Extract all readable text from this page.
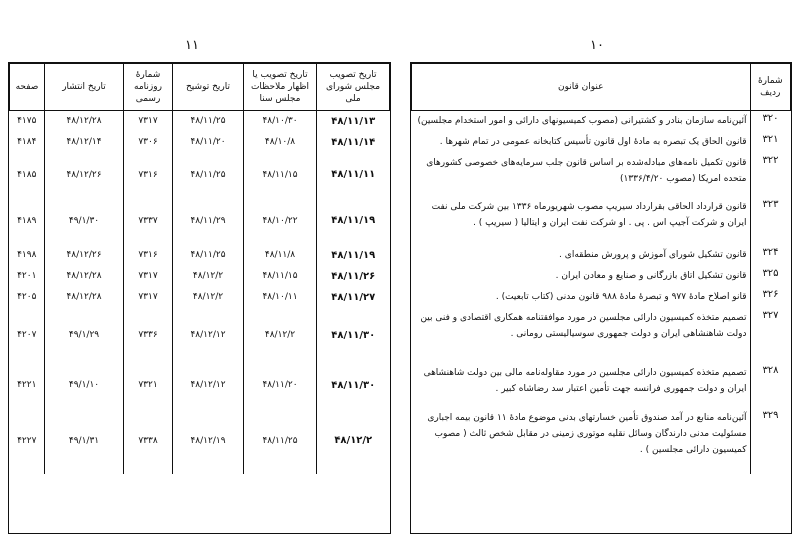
۱۱	۱۰
شمارهٔ ردیف	عنوان قانون
۳۲۰	آئین‌نامه سازمان بنادر و کشتیرانی (مصوب کمیسیونهای دارائی و امور استخدام مجلسین)
۳۲۱	قانون الحاق یک تبصره به مادهٔ اول قانون تأسیس کتابخانه عمومی در تمام شهرها .
۳۲۲	قانون تکمیل نامه‌های مبادله‌شده بر اساس قانون جلب سرمایه‌های خصوصی کشورهای متحده امریکا (مصوب ۱۳۳۶/۴/۲۰)
۳۲۳	قانون قرارداد الحاقی بقرارداد سیریپ مصوب شهریورماه ۱۳۳۶ بین شرکت ملی نفت ایران و شرکت آجیپ اس . پی . او شرکت نفت ایران و ایتالیا ( سیریپ ) .
۳۲۴	قانون تشکیل شورای آموزش و پرورش منطقه‌ای .
۳۲۵	قانون تشکیل اتاق بازرگانی و صنایع و معادن ایران .
۳۲۶	قانو اصلاح مادهٔ ۹۷۷ و تبصرهٔ مادهٔ ۹۸۸ قانون مدنی (کتاب تابعیت) .
۳۲۷	تصمیم متخذه کمیسیون دارائی مجلسین در مورد موافقتنامه همکاری اقتصادی و فنی بین دولت شاهنشاهی ایران و دولت جمهوری سوسیالیستی رومانی .
۳۲۸	تصمیم متخذه کمیسیون دارائی مجلسین در مورد مقاوله‌نامه مالی بین دولت شاهنشاهی ایران و دولت جمهوری فرانسه جهت تأمین اعتبار سد رضاشاه کبیر .
۳۲۹	آئین‌نامه منابع در آمد صندوق تأمین خسارتهای بدنی موضوع مادهٔ ۱۱ قانون بیمه اجباری مسئولیت مدنی دارندگان وسائل نقلیه موتوری زمینی در مقابل شخص ثالث ( مصوب کمیسیون دارائی مجلسین ) .
تاریخ تصویب مجلس شورای ملی	تاریخ تصویب یا اظهار ملاحظات مجلس سنا	تاریخ توشیح	شمارهٔ روزنامه رسمی	تاریخ انتشار	صفحه
۴۸/۱۱/۱۳	۴۸/۱۰/۳۰	۴۸/۱۱/۲۵	۷۳۱۷	۴۸/۱۲/۲۸	۴۱۷۵
۴۸/۱۱/۱۴	۴۸/۱۰/۸	۴۸/۱۱/۲۰	۷۳۰۶	۴۸/۱۲/۱۴	۴۱۸۴
۴۸/۱۱/۱۱	۴۸/۱۱/۱۵	۴۸/۱۱/۲۵	۷۳۱۶	۴۸/۱۲/۲۶	۴۱۸۵
۴۸/۱۱/۱۹	۴۸/۱۰/۲۲	۴۸/۱۱/۲۹	۷۳۳۷	۴۹/۱/۳۰	۴۱۸۹
۴۸/۱۱/۱۹	۴۸/۱۱/۸	۴۸/۱۱/۲۵	۷۳۱۶	۴۸/۱۲/۲۶	۴۱۹۸
۴۸/۱۱/۲۶	۴۸/۱۱/۱۵	۴۸/۱۲/۲	۷۳۱۷	۴۸/۱۲/۲۸	۴۲۰۱
۴۸/۱۱/۲۷	۴۸/۱۰/۱۱	۴۸/۱۲/۲	۷۳۱۷	۴۸/۱۲/۲۸	۴۲۰۵
۴۸/۱۱/۳۰	۴۸/۱۲/۲	۴۸/۱۲/۱۲	۷۳۳۶	۴۹/۱/۲۹	۴۲۰۷
۴۸/۱۱/۳۰	۴۸/۱۱/۲۰	۴۸/۱۲/۱۲	۷۳۲۱	۴۹/۱/۱۰	۴۲۲۱
۴۸/۱۲/۲	۴۸/۱۱/۲۵	۴۸/۱۲/۱۹	۷۳۳۸	۴۹/۱/۳۱	۴۲۲۷
